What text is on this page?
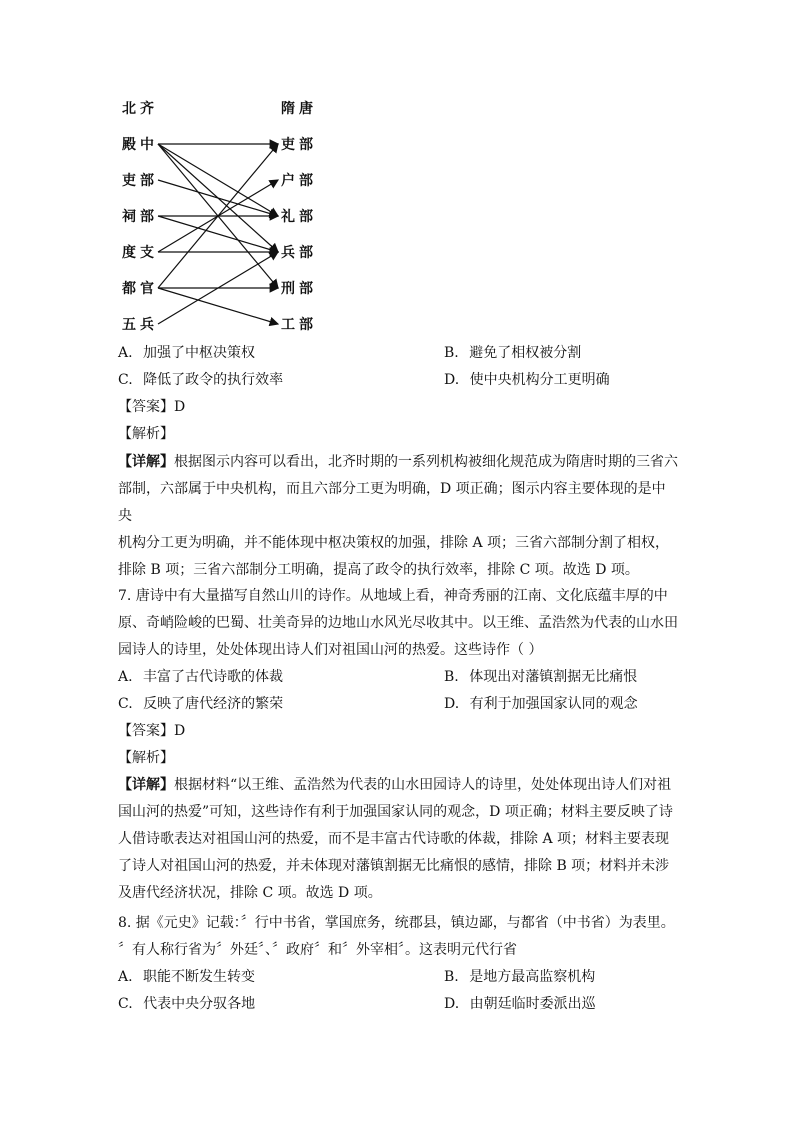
北齐	隋唐
殿中
吏部
祠部
度支
都官
五兵
吏部
户部
礼部
兵部
刑部
工部
A. 加强了中枢决策权	B. 避免了相权被分割
C. 降低了政令的执行效率	D. 使中央机构分工更明确
【答案】D
【解析】
【详解】根据图示内容可以看出，北齐时期的一系列机构被细化规范成为隋唐时期的三省六
部制，六部属于中央机构，而且六部分工更为明确，D 项正确；图示内容主要体现的是中央
机构分工更为明确，并不能体现中枢决策权的加强，排除 A 项；三省六部制分割了相权，
排除 B 项；三省六部制分工明确，提高了政令的执行效率，排除 C 项。故选 D 项。
7. 唐诗中有大量描写自然山川的诗作。从地域上看，神奇秀丽的江南、文化底蕴丰厚的中
原、奇峭险峻的巴蜀、壮美奇异的边地山水风光尽收其中。以王维、孟浩然为代表的山水田
园诗人的诗里，处处体现出诗人们对祖国山河的热爱。这些诗作（ ）
A. 丰富了古代诗歌的体裁	B. 体现出对藩镇割据无比痛恨
C. 反映了唐代经济的繁荣	D. 有利于加强国家认同的观念
【答案】D
【解析】
【详解】根据材料“以王维、孟浩然为代表的山水田园诗人的诗里，处处体现出诗人们对祖
国山河的热爱”可知，这些诗作有利于加强国家认同的观念，D 项正确；材料主要反映了诗
人借诗歌表达对祖国山河的热爱，而不是丰富古代诗歌的体裁，排除 A 项；材料主要表现
了诗人对祖国山河的热爱，并未体现对藩镇割据无比痛恨的感情，排除 B 项；材料并未涉
及唐代经济状况，排除 C 项。故选 D 项。
8. 据《元史》记载：〞行中书省，掌国庶务，统郡县，镇边鄙，与都省（中书省）为表里。
〞有人称行省为〞外廷〞、〞政府〞和〞外宰相〞。这表明元代行省
A. 职能不断发生转变	B. 是地方最高监察机构
C. 代表中央分驭各地	D. 由朝廷临时委派出巡
